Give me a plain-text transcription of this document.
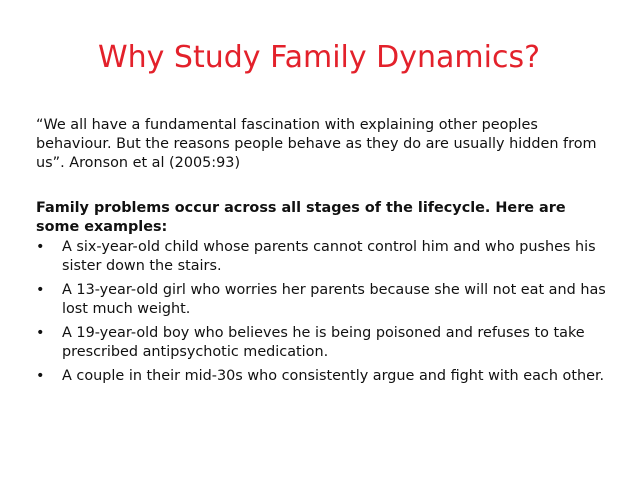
Why Study Family Dynamics?

“We all have a fundamental fascination with explaining other peoples behaviour. But the reasons people behave as they do are usually hidden from us”. Aronson et al (2005:93)

Family problems occur across all stages of the lifecycle. Here are some examples:

• A six-year-old child whose parents cannot control him and who pushes his sister down the stairs.
• A 13-year-old girl who worries her parents because she will not eat and has lost much weight.
• A 19-year-old boy who believes he is being poisoned and refuses to take prescribed antipsychotic medication.
• A couple in their mid-30s who consistently argue and fight with each other.
